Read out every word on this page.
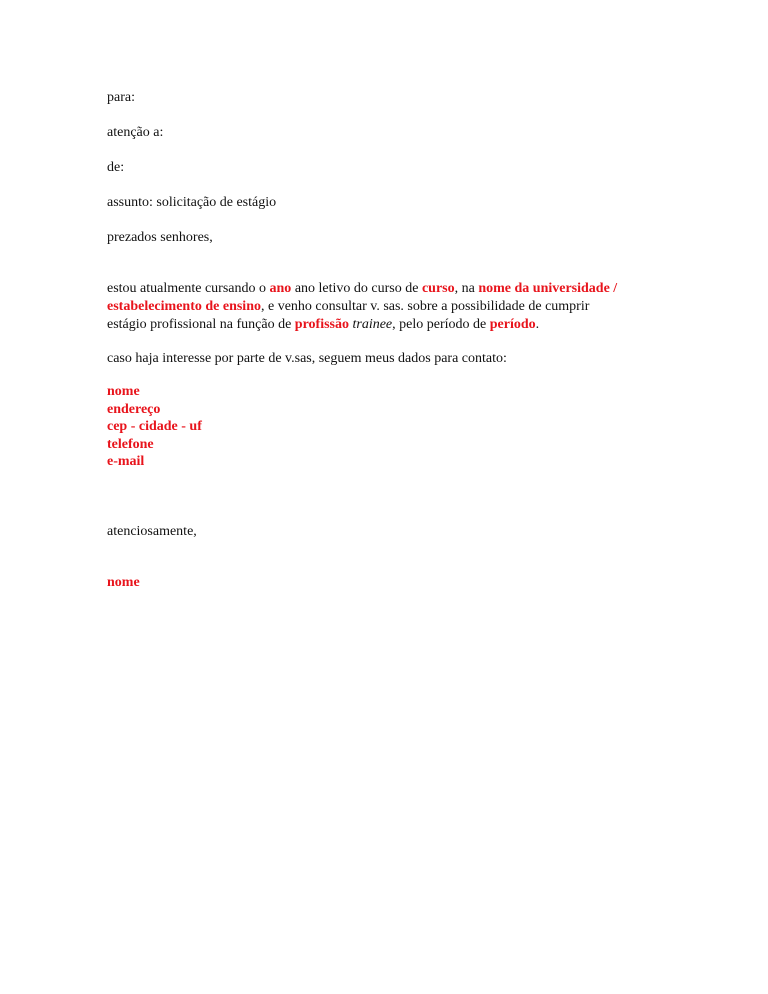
para:
atenção a:
de:
assunto: solicitação de estágio
prezados senhores,
estou atualmente cursando o ano ano letivo do curso de curso, na nome da universidade /
estabelecimento de ensino, e venho consultar v. sas. sobre a possibilidade de cumprir
estágio profissional na função de profissão trainee, pelo período de período.
caso haja interesse por parte de v.sas, seguem meus dados para contato:
nome
endereço
cep - cidade - uf
telefone
e-mail
atenciosamente,
nome
